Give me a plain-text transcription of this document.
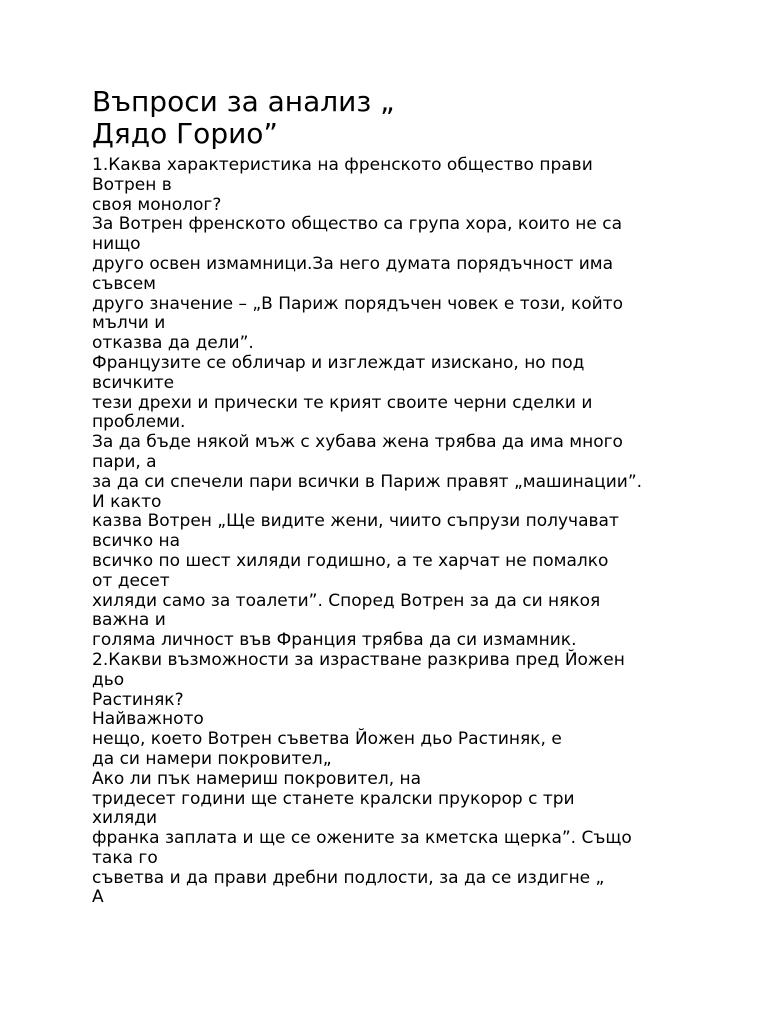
Въпроси за анализ „
Дядо Горио”
1.Каква характеристика на френското общество прави
Вотрен в
своя монолог?
За Вотрен френското общество са група хора, които не са
нищо
друго освен измамници.За него думата порядъчност има
съвсем
друго значение – „В Париж порядъчен човек е този, който
мълчи и
отказва да дели”.
Французите се обличар и изглеждат изискано, но под
всичките
тези дрехи и прически те крият своите черни сделки и
проблеми.
За да бъде някой мъж с хубава жена трябва да има много
пари, а
за да си спечели пари всички в Париж правят „машинации”.
И както
казва Вотрен „Ще видите жени, чиито съпрузи получават
всичко на
всичко по шест хиляди годишно, а те харчат не помалко
от десет
хиляди само за тоалети”. Според Вотрен за да си някоя
важна и
голяма личност във Франция трябва да си измамник.
2.Какви възможности за израстване разкрива пред Йожен
дьо
Растиняк?
Найважното
нещо, което Вотрен съветва Йожен дьо Растиняк, е
да си намери покровител„
Ако ли пък намериш покровител, на
тридесет години ще станете кралски прукорор с три
хиляди
франка заплата и ще се ожените за кметска щерка”. Също
така го
съветва и да прави дребни подлости, за да се издигне „
А
